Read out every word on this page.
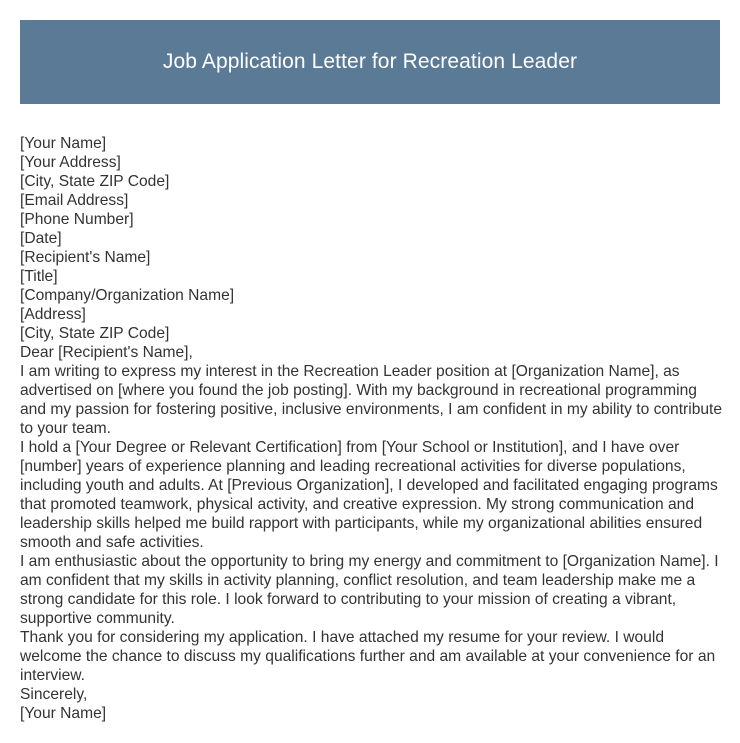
Job Application Letter for Recreation Leader

[Your Name]

[Your Address]

[City, State ZIP Code]

[Email Address]

[Phone Number]

[Date]

[Recipient's Name]

[Title]

[Company/Organization Name]

[Address]

[City, State ZIP Code]

Dear [Recipient's Name],

I am writing to express my interest in the Recreation Leader position at [Organization Name], as advertised on [where you found the job posting]. With my background in recreational programming and my passion for fostering positive, inclusive environments, I am confident in my ability to contribute to your team.

I hold a [Your Degree or Relevant Certification] from [Your School or Institution], and I have over [number] years of experience planning and leading recreational activities for diverse populations, including youth and adults. At [Previous Organization], I developed and facilitated engaging programs that promoted teamwork, physical activity, and creative expression. My strong communication and leadership skills helped me build rapport with participants, while my organizational abilities ensured smooth and safe activities.

I am enthusiastic about the opportunity to bring my energy and commitment to [Organization Name]. I am confident that my skills in activity planning, conflict resolution, and team leadership make me a strong candidate for this role. I look forward to contributing to your mission of creating a vibrant, supportive community.

Thank you for considering my application. I have attached my resume for your review. I would welcome the chance to discuss my qualifications further and am available at your convenience for an interview.

Sincerely,

[Your Name]
